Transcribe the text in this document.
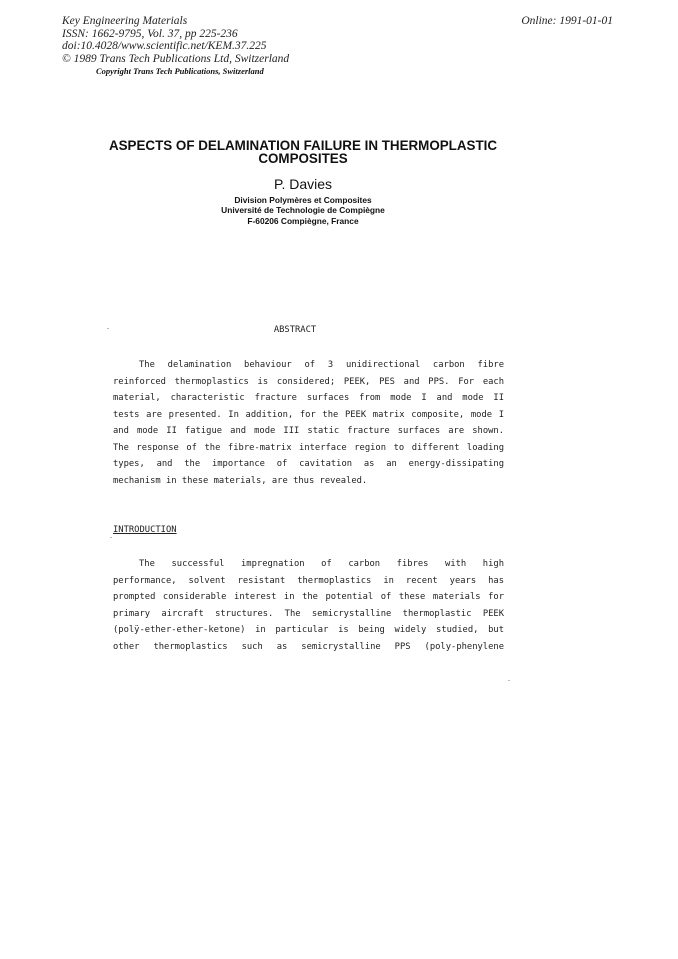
Key Engineering Materials
ISSN: 1662-9795, Vol. 37, pp 225-236
doi:10.4028/www.scientific.net/KEM.37.225
© 1989 Trans Tech Publications Ltd, Switzerland
Online: 1991-01-01
Copyright Trans Tech Publications, Switzerland
ASPECTS OF DELAMINATION FAILURE IN THERMOPLASTIC
COMPOSITES
P. Davies
Division Polymères et Composites
Université de Technologie de Compiègne
F-60206 Compiègne, France
ABSTRACT
The delamination behaviour of 3 unidirectional carbon fibre
reinforced thermoplastics is considered; PEEK, PES and PPS. For each
material, characteristic fracture surfaces from mode I and mode II
tests are presented. In addition, for the PEEK matrix composite, mode I
and mode II fatigue and mode III static fracture surfaces are shown.
The response of the fibre-matrix interface region to different loading
types, and the importance of cavitation as an energy-dissipating
mechanism in these materials, are thus revealed.
INTRODUCTION
The successful impregnation of carbon fibres with high
performance, solvent resistant thermoplastics in recent years has
prompted considerable interest in the potential of these materials for
primary aircraft structures. The semicrystalline thermoplastic PEEK
(polÿ-ether-ether-ketone) in particular is being widely studied, but
other thermoplastics such as semicrystalline PPS (poly-phenylene
